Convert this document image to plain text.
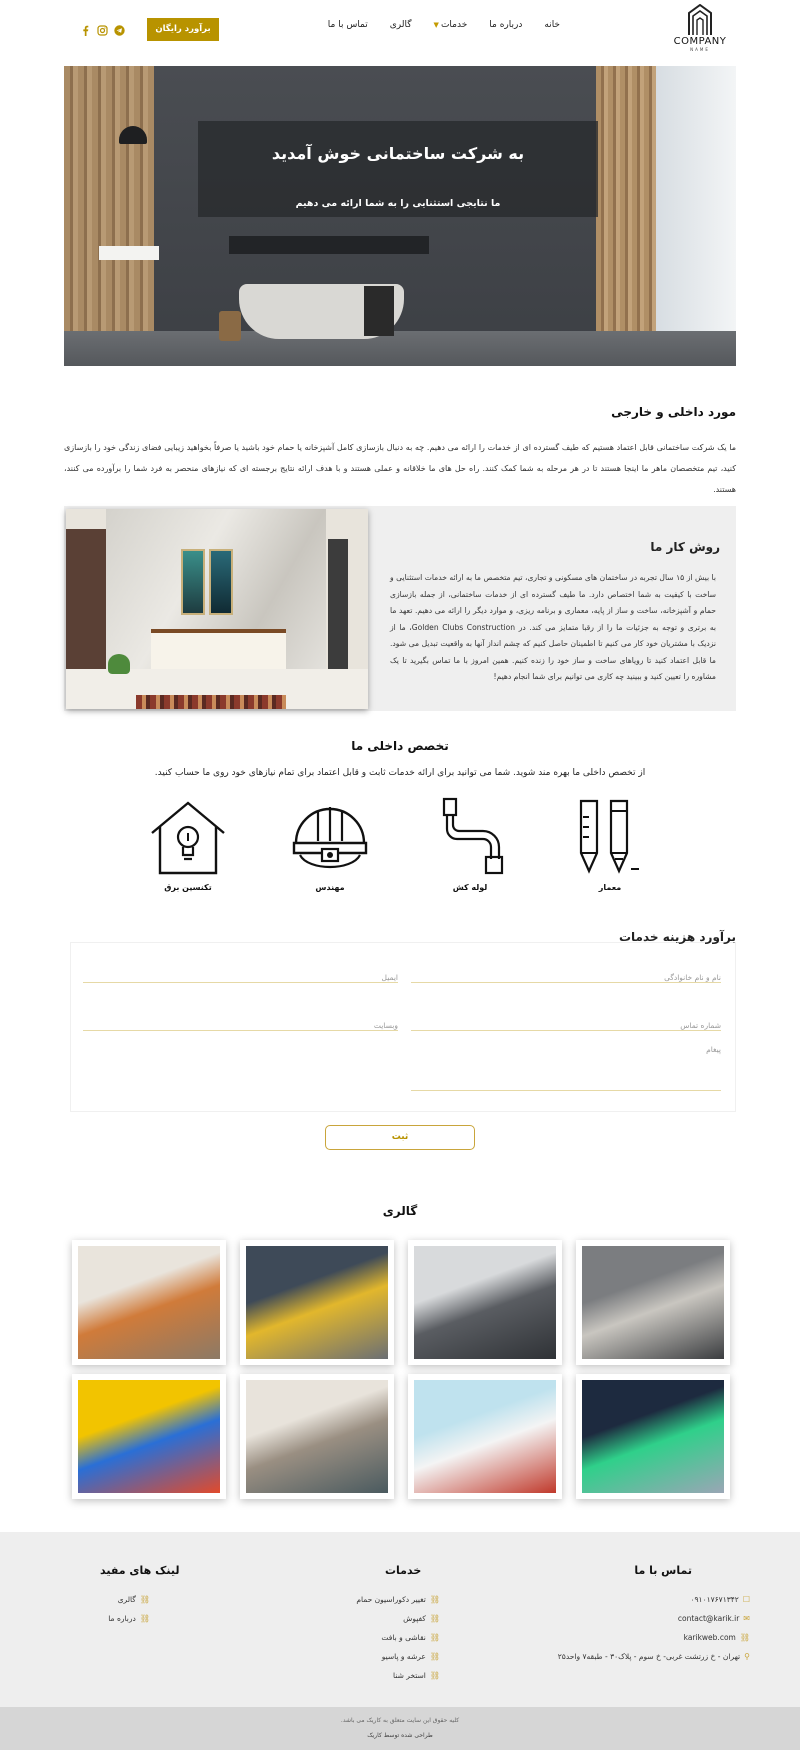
COMPANY
NAME
خانه
درباره ما
خدمات▼
گالری
تماس با ما
برآورد رایگان
به شرکت ساختمانی خوش آمدید
ما نتایجی استثنایی را به شما ارائه می دهیم
مورد داخلی و خارجی
ما یک شرکت ساختمانی قابل اعتماد هستیم که طیف گسترده ای از خدمات را ارائه می دهیم. چه به دنبال بازسازی کامل آشپزخانه یا حمام خود باشید یا صرفاً بخواهید زیبایی فضای زندگی خود را بازسازی کنید، تیم متخصصان ماهر ما اینجا هستند تا در هر مرحله به شما کمک کنند. راه حل های ما خلاقانه و عملی هستند و با هدف ارائه نتایج برجسته ای که نیازهای منحصر به فرد شما را برآورده می کنند، هستند.
روش کار ما
با بیش از ۱۵ سال تجربه در ساختمان های مسکونی و تجاری، تیم متخصص ما به ارائه خدمات استثنایی و ساخت با کیفیت به شما اختصاص دارد. ما طیف گسترده ای از خدمات ساختمانی، از جمله بازسازی حمام و آشپزخانه، ساخت و ساز از پایه، معماری و برنامه ریزی، و موارد دیگر را ارائه می دهیم. تعهد ما به برتری و توجه به جزئیات ما را از رقبا متمایز می کند. در Golden Clubs Construction، ما از نزدیک با مشتریان خود کار می کنیم تا اطمینان حاصل کنیم که چشم انداز آنها به واقعیت تبدیل می شود. ما قابل اعتماد کنید تا رویاهای ساخت و ساز خود را زنده کنیم. همین امروز با ما تماس بگیرید تا یک مشاوره را تعیین کنید و ببینید چه کاری می توانیم برای شما انجام دهیم!
تخصص داخلی ما
از تخصص داخلی ما بهره مند شوید. شما می توانید برای ارائه خدمات ثابت و قابل اعتماد برای تمام نیازهای خود روی ما حساب کنید.
معمار
لوله کش
مهندس
تکنسین برق
نام و نام خانوادگی
ایمیل
شماره تماس
وبسایت
پیغام
برآورد هزینه خدمات
ثبت
گالری
تماس با ما
☐۰۹۱۰۱۷۶۷۱۳۴۲
✉contact@karik.ir
⛓karikweb.com
⚲تهران - خ زرتشت غربی- خ سوم - پلاک۳۰ - طبقه۷ واحد۲۵
خدمات
⛓تغییر دکوراسیون حمام
⛓کفپوش
⛓نقاشی و بافت
⛓عرشه و پاسیو
⛓استخر شنا
لینک های مفید
⛓گالری
⛓درباره ما
کلیه حقوق این سایت متعلق به کاریک می باشد.
طراحی شده توسط کاریک
